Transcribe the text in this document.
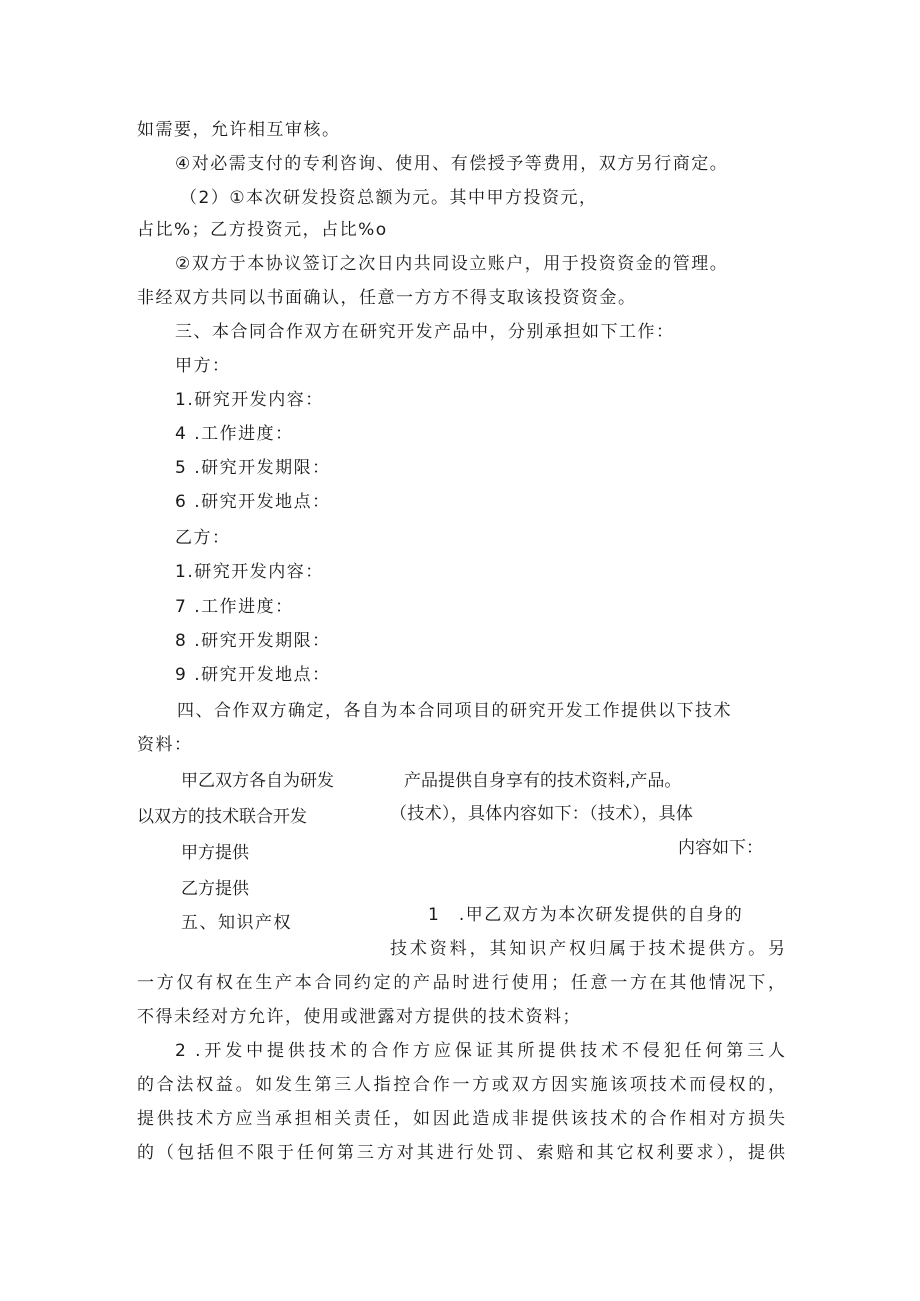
如需要，允许相互审核。
④对必需支付的专利咨询、使用、有偿授予等费用，双方另行商定。
（2）①本次研发投资总额为元。其中甲方投资元，
占比%；乙方投资元，占比%o
②双方于本协议签订之次日内共同设立账户，用于投资资金的管理。
非经双方共同以书面确认，任意一方方不得支取该投资资金。
三、本合同合作双方在研究开发产品中，分别承担如下工作：
甲方：
1.研究开发内容：
4 .工作进度：
5 .研究开发期限：
6 .研究开发地点：
乙方：
1.研究开发内容：
7 .工作进度：
8 .研究开发期限：
9 .研究开发地点：
四、合作双方确定，各自为本合同项目的研究开发工作提供以下技术
资料：
甲乙双方各自为研发	产品提供自身享有的技术资料,产品。
以双方的技术联合开发	（技术），具体内容如下：（技术），具体
甲方提供	内容如下：
乙方提供
五、知识产权	1　.甲乙双方为本次研发提供的自身的
技术资料，其知识产权归属于技术提供方。另
一方仅有权在生产本合同约定的产品时进行使用；任意一方在其他情况下，
不得未经对方允许，使用或泄露对方提供的技术资料；
2 .开发中提供技术的合作方应保证其所提供技术不侵犯任何第三人
的合法权益。如发生第三人指控合作一方或双方因实施该项技术而侵权的，
提供技术方应当承担相关责任，如因此造成非提供该技术的合作相对方损失
的（包括但不限于任何第三方对其进行处罚、索赔和其它权利要求），提供
